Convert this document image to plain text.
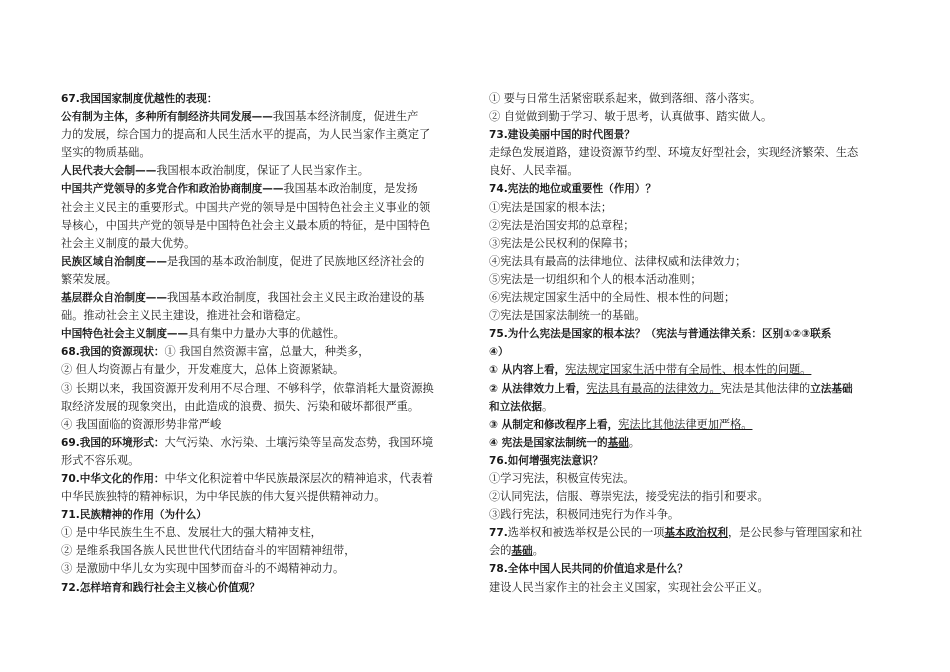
67.我国国家制度优越性的表现：
公有制为主体，多种所有制经济共同发展——我国基本经济制度，促进生产
力的发展，综合国力的提高和人民生活水平的提高，为人民当家作主奠定了
坚实的物质基础。
人民代表大会制——我国根本政治制度，保证了人民当家作主。
中国共产党领导的多党合作和政治协商制度——我国基本政治制度，是发扬
社会主义民主的重要形式。中国共产党的领导是中国特色社会主义事业的领
导核心，中国共产党的领导是中国特色社会主义最本质的特征，是中国特色
社会主义制度的最大优势。
民族区域自治制度——是我国的基本政治制度，促进了民族地区经济社会的
繁荣发展。
基层群众自治制度——我国基本政治制度，我国社会主义民主政治建设的基
础。推动社会主义民主建设，推进社会和谐稳定。
中国特色社会主义制度——具有集中力量办大事的优越性。
68.我国的资源现状：① 我国自然资源丰富，总量大，种类多，
② 但人均资源占有量少，开发难度大，总体上资源紧缺。
③ 长期以来，我国资源开发利用不尽合理、不够科学，依靠消耗大量资源换
取经济发展的现象突出，由此造成的浪费、损失、污染和破坏都很严重。
④ 我国面临的资源形势非常严峻
69.我国的环境形式：大气污染、水污染、土壤污染等呈高发态势，我国环境
形式不容乐观。
70.中华文化的作用：中华文化积淀着中华民族最深层次的精神追求，代表着
中华民族独特的精神标识，为中华民族的伟大复兴提供精神动力。
71.民族精神的作用（为什么）
① 是中华民族生生不息、发展壮大的强大精神支柱，
② 是维系我国各族人民世世代代团结奋斗的牢固精神纽带，
③ 是激励中华儿女为实现中国梦而奋斗的不竭精神动力。
72.怎样培育和践行社会主义核心价值观？
① 要与日常生活紧密联系起来，做到落细、落小落实。
② 自觉做到勤于学习、敏于思考，认真做事、踏实做人。
73.建设美丽中国的时代图景？
走绿色发展道路，建设资源节约型、环境友好型社会，实现经济繁荣、生态
良好、人民幸福。
74.宪法的地位或重要性（作用）？
①宪法是国家的根本法；
②宪法是治国安邦的总章程；
③宪法是公民权利的保障书；
④宪法具有最高的法律地位、法律权威和法律效力；
⑤宪法是一切组织和个人的根本活动准则；
⑥宪法规定国家生活中的全局性、根本性的问题；
⑦宪法是国家法制统一的基础。
75.为什么宪法是国家的根本法？（宪法与普通法律关系：区别①②③联系
④）
① 从内容上看，宪法规定国家生活中带有全局性、根本性的问题。
② 从法律效力上看，宪法具有最高的法律效力。宪法是其他法律的立法基础
和立法依据。
③ 从制定和修改程序上看，宪法比其他法律更加严格。
④ 宪法是国家法制统一的基础。
76.如何增强宪法意识？
①学习宪法，积极宣传宪法。
②认同宪法，信服、尊崇宪法，接受宪法的指引和要求。
③践行宪法，积极同违宪行为作斗争。
77.选举权和被选举权是公民的一项基本政治权利，是公民参与管理国家和社
会的基础。
78.全体中国人民共同的价值追求是什么？
建设人民当家作主的社会主义国家，实现社会公平正义。
